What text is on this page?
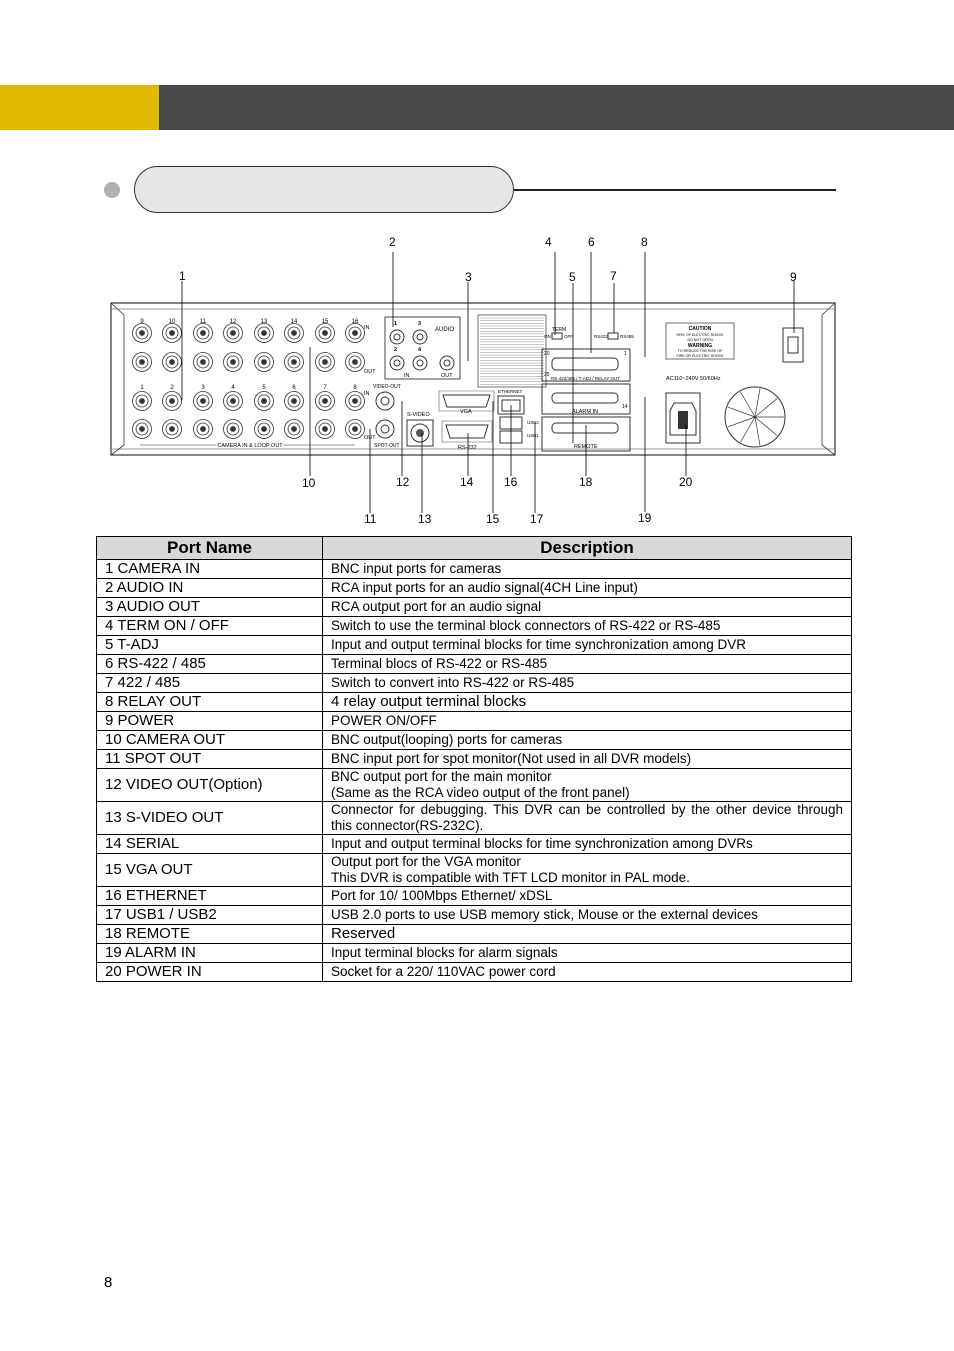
9	10	11	12	13	14	15	16
1	2	3	4	5	6	7	8
CAMERA IN & LOOP OUT
IN
OUT
AUDIO
1	3
2	4
IN	OUT
VIDEO-OUT
IN
OUT
SPOT-OUT
S-VIDEO	VGA
RS-232
ETHERNET
USB2
USB1
TERM
ON	OFF	RS422	RS485
20	1
25
RS-422/485 / T-ADJ / RELAY OUT
ALARM IN
14
REMOTE
CAUTION
RISK OF ELECTRIC SHOCK
DO NOT OPEN
WARNING
TO REDUCE THE RISK OF
FIRE OR ELECTRIC SHOCK
AC110~240V 50/60Hz
1
2
3
4
5
6
7
8
9
10
11
12
13
14
15
16
17
18
19
20
Port Name	Description
1 CAMERA IN	BNC input ports for cameras

2 AUDIO IN	RCA input ports for an audio signal(4CH Line input)

3 AUDIO OUT	RCA output port for an audio signal

4 TERM ON / OFF	Switch to use the terminal block connectors of RS-422 or RS-485

5 T-ADJ	Input and output terminal blocks for time synchronization among DVR

6 RS-422 / 485	Terminal blocs of RS-422 or RS-485

7 422 / 485	Switch to convert into RS-422 or RS-485

8 RELAY OUT	4 relay output terminal blocks

9 POWER	POWER ON/OFF

10 CAMERA OUT	BNC output(looping) ports for cameras

11 SPOT OUT	BNC input port for spot monitor(Not used in all DVR models)

12 VIDEO OUT(Option)	BNC output port for the main monitor
(Same as the RCA video output of the front panel)

13 S-VIDEO OUT	Connector for debugging. This DVR can be controlled by the other device through this connector(RS-232C).

14 SERIAL	Input and output terminal blocks for time synchronization among DVRs

15 VGA OUT	Output port for the VGA monitor
This DVR is compatible with TFT LCD monitor in PAL mode.

16 ETHERNET	Port for 10/ 100Mbps Ethernet/ xDSL

17 USB1 / USB2	USB 2.0 ports to use USB memory stick, Mouse or the external devices

18 REMOTE	Reserved

19 ALARM IN	Input terminal blocks for alarm signals

20 POWER IN	Socket for a 220/ 110VAC power cord
8
